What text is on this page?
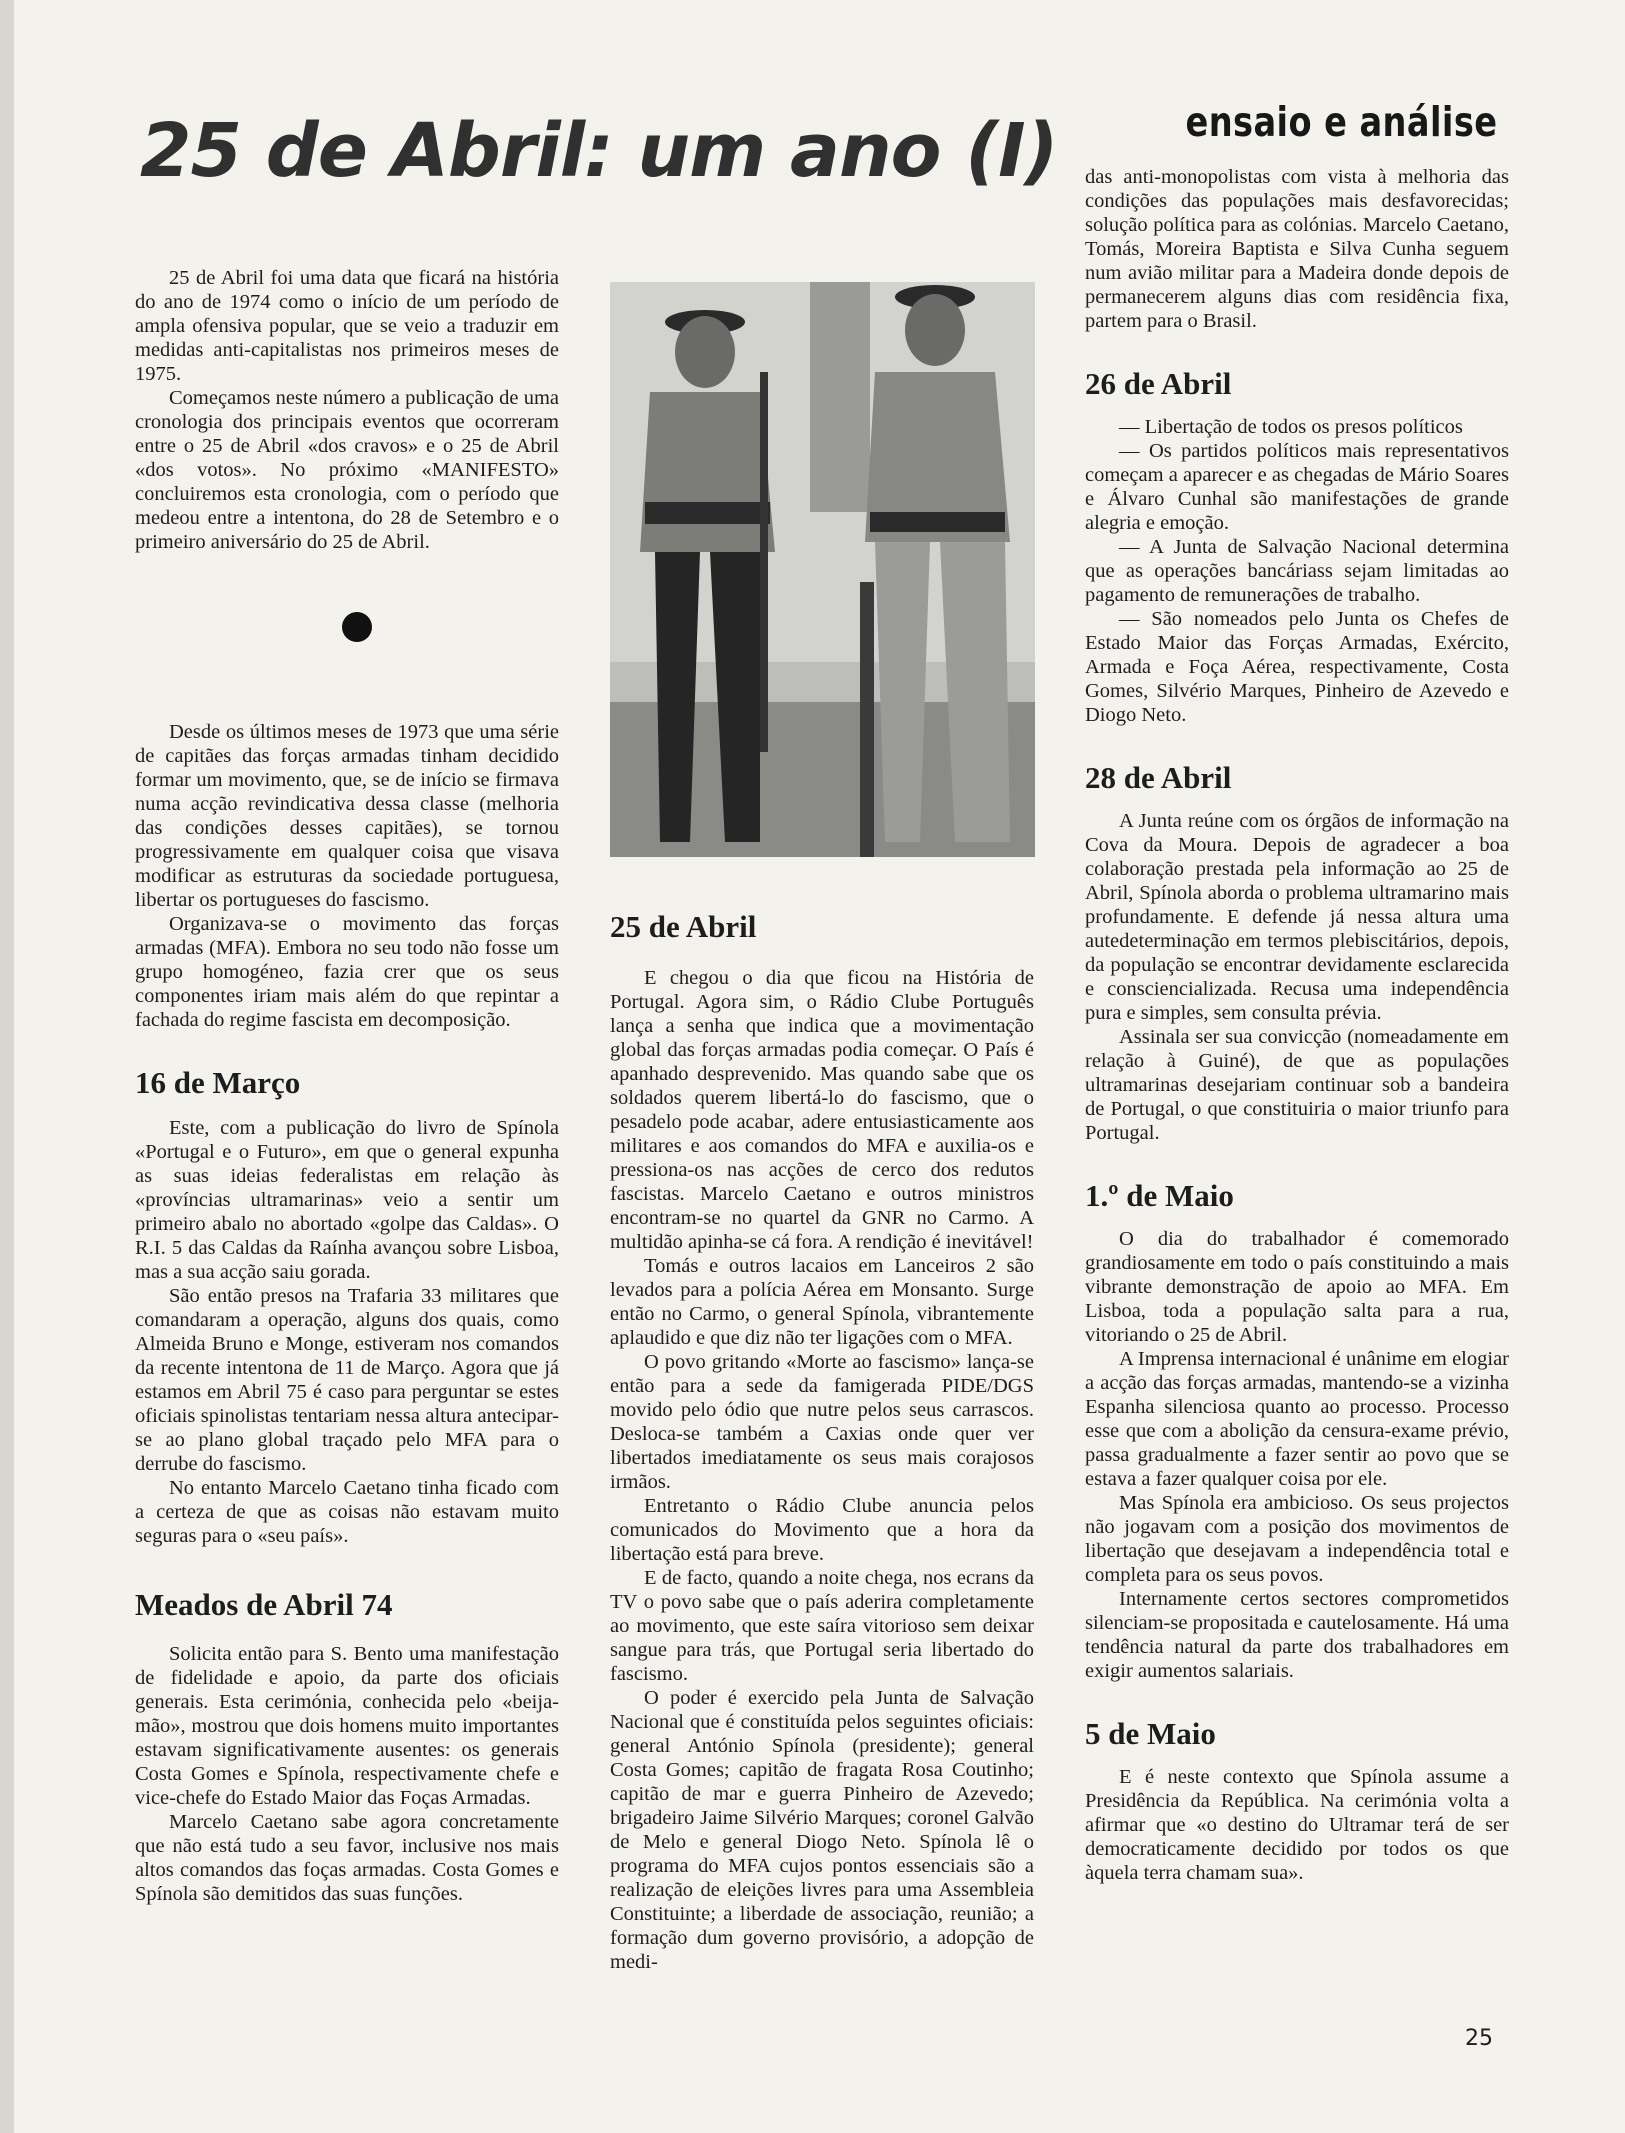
ensaio e análise
25 de Abril: um ano (I)

25 de Abril foi uma data que ficará na história do ano de 1974 como o início de um período de ampla ofensiva popular, que se veio a traduzir em medidas anti-capitalistas nos primeiros meses de 1975.

Começamos neste número a publicação de uma cronologia dos principais eventos que ocorreram entre o 25 de Abril «dos cravos» e o 25 de Abril «dos votos». No próximo «MANIFESTO» concluiremos esta cronologia, com o período que medeou entre a intentona, do 28 de Setembro e o primeiro aniversário do 25 de Abril.

Desde os últimos meses de 1973 que uma série de capitães das forças armadas tinham decidido formar um movimento, que, se de início se firmava numa acção revindicativa dessa classe (melhoria das condições desses capitães), se tornou progressivamente em qualquer coisa que visava modificar as estruturas da sociedade portuguesa, libertar os portugueses do fascismo.

Organizava-se o movimento das forças armadas (MFA). Embora no seu todo não fosse um grupo homogéneo, fazia crer que os seus componentes iriam mais além do que repintar a fachada do regime fascista em decomposição.

16 de Março

Este, com a publicação do livro de Spínola «Portugal e o Futuro», em que o general expunha as suas ideias federalistas em relação às «províncias ultramarinas» veio a sentir um primeiro abalo no abortado «golpe das Caldas». O R.I. 5 das Caldas da Raínha avançou sobre Lisboa, mas a sua acção saiu gorada.

São então presos na Trafaria 33 militares que comandaram a operação, alguns dos quais, como Almeida Bruno e Monge, estiveram nos comandos da recente intentona de 11 de Março. Agora que já estamos em Abril 75 é caso para perguntar se estes oficiais spinolistas tentariam nessa altura antecipar-se ao plano global traçado pelo MFA para o derrube do fascismo.

No entanto Marcelo Caetano tinha ficado com a certeza de que as coisas não estavam muito seguras para o «seu país».

Meados de Abril 74

Solicita então para S. Bento uma manifestação de fidelidade e apoio, da parte dos oficiais generais. Esta cerimónia, conhecida pelo «beija-mão», mostrou que dois homens muito importantes estavam significativamente ausentes: os generais Costa Gomes e Spínola, respectivamente chefe e vice-chefe do Estado Maior das Foças Armadas.

Marcelo Caetano sabe agora concretamente que não está tudo a seu favor, inclusive nos mais altos comandos das foças armadas. Costa Gomes e Spínola são demitidos das suas funções.

25 de Abril

E chegou o dia que ficou na História de Portugal. Agora sim, o Rádio Clube Português lança a senha que indica que a movimentação global das forças armadas podia começar. O País é apanhado desprevenido. Mas quando sabe que os soldados querem libertá-lo do fascismo, que o pesadelo pode acabar, adere entusiasticamente aos militares e aos comandos do MFA e auxilia-os e pressiona-os nas acções de cerco dos redutos fascistas. Marcelo Caetano e outros ministros encontram-se no quartel da GNR no Carmo. A multidão apinha-se cá fora. A rendição é inevitável!

Tomás e outros lacaios em Lanceiros 2 são levados para a polícia Aérea em Monsanto. Surge então no Carmo, o general Spínola, vibrantemente aplaudido e que diz não ter ligações com o MFA.

O povo gritando «Morte ao fascismo» lança-se então para a sede da famigerada PIDE/DGS movido pelo ódio que nutre pelos seus carrascos. Desloca-se também a Caxias onde quer ver libertados imediatamente os seus mais corajosos irmãos.

Entretanto o Rádio Clube anuncia pelos comunicados do Movimento que a hora da libertação está para breve.

E de facto, quando a noite chega, nos ecrans da TV o povo sabe que o país aderira completamente ao movimento, que este saíra vitorioso sem deixar sangue para trás, que Portugal seria libertado do fascismo.

O poder é exercido pela Junta de Salvação Nacional que é constituída pelos seguintes oficiais: general António Spínola (presidente); general Costa Gomes; capitão de fragata Rosa Coutinho; capitão de mar e guerra Pinheiro de Azevedo; brigadeiro Jaime Silvério Marques; coronel Galvão de Melo e general Diogo Neto. Spínola lê o programa do MFA cujos pontos essenciais são a realização de eleições livres para uma Assembleia Constituinte; a liberdade de associação, reunião; a formação dum governo provisório, a adopção de medi-

das anti-monopolistas com vista à melhoria das condições das populações mais desfavorecidas; solução política para as colónias. Marcelo Caetano, Tomás, Moreira Baptista e Silva Cunha seguem num avião militar para a Madeira donde depois de permanecerem alguns dias com residência fixa, partem para o Brasil.

26 de Abril

— Libertação de todos os presos políticos

— Os partidos políticos mais representativos começam a aparecer e as chegadas de Mário Soares e Álvaro Cunhal são manifestações de grande alegria e emoção.

— A Junta de Salvação Nacional determina que as operações bancáriass sejam limitadas ao pagamento de remunerações de trabalho.

— São nomeados pelo Junta os Chefes de Estado Maior das Forças Armadas, Exército, Armada e Foça Aérea, respectivamente, Costa Gomes, Silvério Marques, Pinheiro de Azevedo e Diogo Neto.

28 de Abril

A Junta reúne com os órgãos de informação na Cova da Moura. Depois de agradecer a boa colaboração prestada pela informação ao 25 de Abril, Spínola aborda o problema ultramarino mais profundamente. E defende já nessa altura uma autedeterminação em termos plebiscitários, depois, da população se encontrar devidamente esclarecida e consciencializada. Recusa uma independência pura e simples, sem consulta prévia.

Assinala ser sua convicção (nomeadamente em relação à Guiné), de que as populações ultramarinas desejariam continuar sob a bandeira de Portugal, o que constituiria o maior triunfo para Portugal.

1.º de Maio

O dia do trabalhador é comemorado grandiosamente em todo o país constituindo a mais vibrante demonstração de apoio ao MFA. Em Lisboa, toda a população salta para a rua, vitoriando o 25 de Abril.

A Imprensa internacional é unânime em elogiar a acção das forças armadas, mantendo-se a vizinha Espanha silenciosa quanto ao processo. Processo esse que com a abolição da censura-exame prévio, passa gradualmente a fazer sentir ao povo que se estava a fazer qualquer coisa por ele.

Mas Spínola era ambicioso. Os seus projectos não jogavam com a posição dos movimentos de libertação que desejavam a independência total e completa para os seus povos.

Internamente certos sectores comprometidos silenciam-se propositada e cautelosamente. Há uma tendência natural da parte dos trabalhadores em exigir aumentos salariais.

5 de Maio

E é neste contexto que Spínola assume a Presidência da República. Na cerimónia volta a afirmar que «o destino do Ultramar terá de ser democraticamente decidido por todos os que àquela terra chamam sua».

25
